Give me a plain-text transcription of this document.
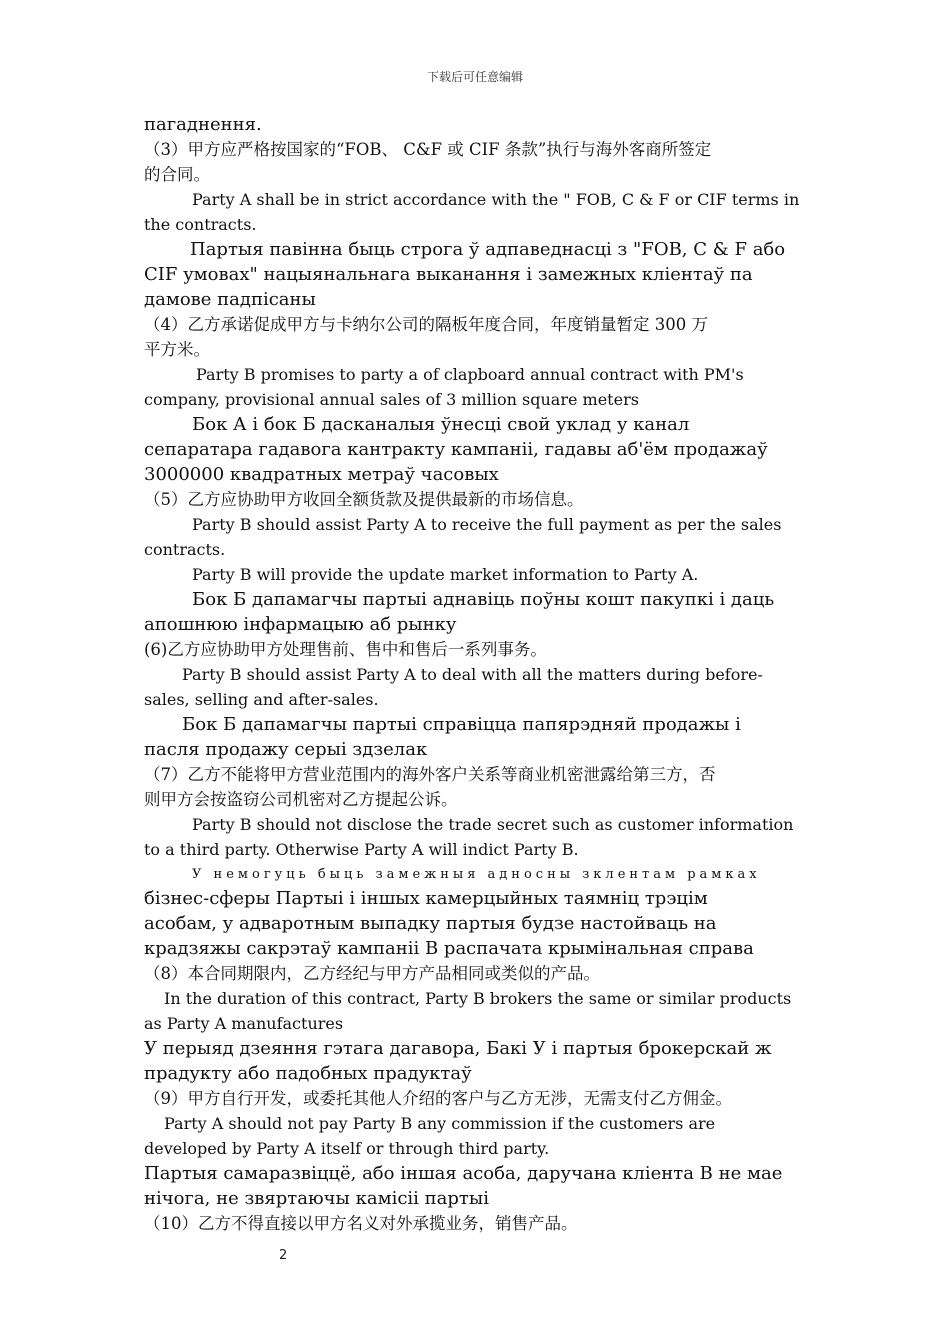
下载后可任意编辑

пагаднення.

（3）甲方应严格按国家的“FOB、 C&F 或 CIF 条款”执行与海外客商所签定

的合同。

Party A shall be in strict accordance with the " FOB, C & F or CIF terms in

the contracts.

Партыя павінна быць строга ў адпаведнасці з "FOB, C & F або

CIF умовах" нацыянальнага выканання і замежных кліентаў па

дамове падпісаны

（4）乙方承诺促成甲方与卡纳尔公司的隔板年度合同，年度销量暂定 300 万

平方米。

Party B promises to party a of clapboard annual contract with PM's

company, provisional annual sales of 3 million square meters

Бок А і бок Б дасканалыя ўнесці свой уклад у канал

сепаратара гадавога кантракту кампаніі, гадавы аб'ём продажаў

3000000 квадратных метраў часовых

（5）乙方应协助甲方收回全额货款及提供最新的市场信息。

Party B should assist Party A to receive the full payment as per the sales

contracts.

Party B will provide the update market information to Party A.

Бок Б дапамагчы партыі аднавіць поўны кошт пакупкі і даць

апошнюю інфармацыю аб рынку

(6)乙方应协助甲方处理售前、售中和售后一系列事务。

Party B should assist Party A to deal with all the matters during before-

sales, selling and after-sales.

Бок Б дапамагчы партыі справіцца папярэдняй продажы і

пасля продажу серыі здзелак

（7）乙方不能将甲方营业范围内的海外客户关系等商业机密泄露给第三方，否

则甲方会按盗窃公司机密对乙方提起公诉。

Party B should not disclose the trade secret such as customer information

to a third party. Otherwise Party A will indict Party B.

У немогуць быць замежныя адносны зклентам рамках

бізнес-сферы Партыі і іншых камерцыйных таямніц трэцім

асобам, у адваротным выпадку партыя будзе настойваць на

крадзяжы сакрэтаў кампаніі B распачата крымінальная справа

（8）本合同期限内，乙方经纪与甲方产品相同或类似的产品。

In the duration of this contract, Party B brokers the same or similar products

as Party A manufactures

У перыяд дзеяння гэтага дагавора, Бакі У і партыя брокерскай ж

прадукту або падобных прадуктаў

（9）甲方自行开发，或委托其他人介绍的客户与乙方无涉，无需支付乙方佣金。

Party A should not pay Party B any commission if the customers are

developed by Party A itself or through third party.

Партыя самаразвіццё, або іншая асоба, даручана кліента B не мае

нічога, не звяртаючы камісіі партыі

（10）乙方不得直接以甲方名义对外承揽业务，销售产品。

2
